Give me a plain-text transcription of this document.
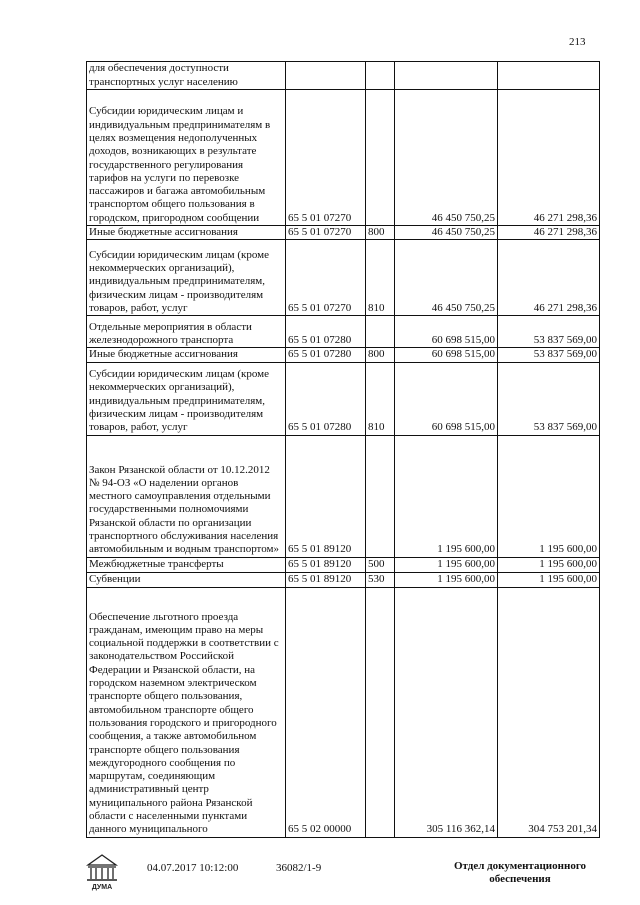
213
для обеспечения доступности транспортных услуг населению				
Субсидии юридическим лицам и индивидуальным предпринимателям в целях возмещения недополученных доходов, возникающих в результате государственного регулирования тарифов на услуги по перевозке пассажиров и багажа автомобильным транспортом общего пользования в городском, пригородном сообщении	65 5 01 07270		46 450 750,25	46 271 298,36
Иные бюджетные ассигнования	65 5 01 07270	800	46 450 750,25	46 271 298,36
Субсидии юридическим лицам (кроме некоммерческих организаций), индивидуальным предпринимателям, физическим лицам - производителям товаров, работ, услуг	65 5 01 07270	810	46 450 750,25	46 271 298,36
Отдельные мероприятия в области железнодорожного транспорта	65 5 01 07280		60 698 515,00	53 837 569,00
Иные бюджетные ассигнования	65 5 01 07280	800	60 698 515,00	53 837 569,00
Субсидии юридическим лицам (кроме некоммерческих организаций), индивидуальным предпринимателям, физическим лицам - производителям товаров, работ, услуг	65 5 01 07280	810	60 698 515,00	53 837 569,00
Закон Рязанской области от 10.12.2012 № 94-ОЗ «О наделении органов местного самоуправления отдельными государственными полномочиями Рязанской области по организации транспортного обслуживания населения автомобильным и водным транспортом»	65 5 01 89120		1 195 600,00	1 195 600,00
Межбюджетные трансферты	65 5 01 89120	500	1 195 600,00	1 195 600,00
Субвенции	65 5 01 89120	530	1 195 600,00	1 195 600,00
Обеспечение льготного проезда гражданам, имеющим право на меры социальной поддержки в соответствии с законодательством Российской Федерации и Рязанской области, на городском наземном электрическом транспорте общего пользования, автомобильном транспорте общего пользования городского и пригородного сообщения, а также автомобильном транспорте общего пользования междугородного сообщения по маршрутам, соединяющим административный центр муниципального района Рязанской области с населенными пунктами данного муниципального	65 5 02 00000		305 116 362,14	304 753 201,34
ДУМА
04.07.2017 10:12:00	36082/1-9	Отдел документационного обеспечения
